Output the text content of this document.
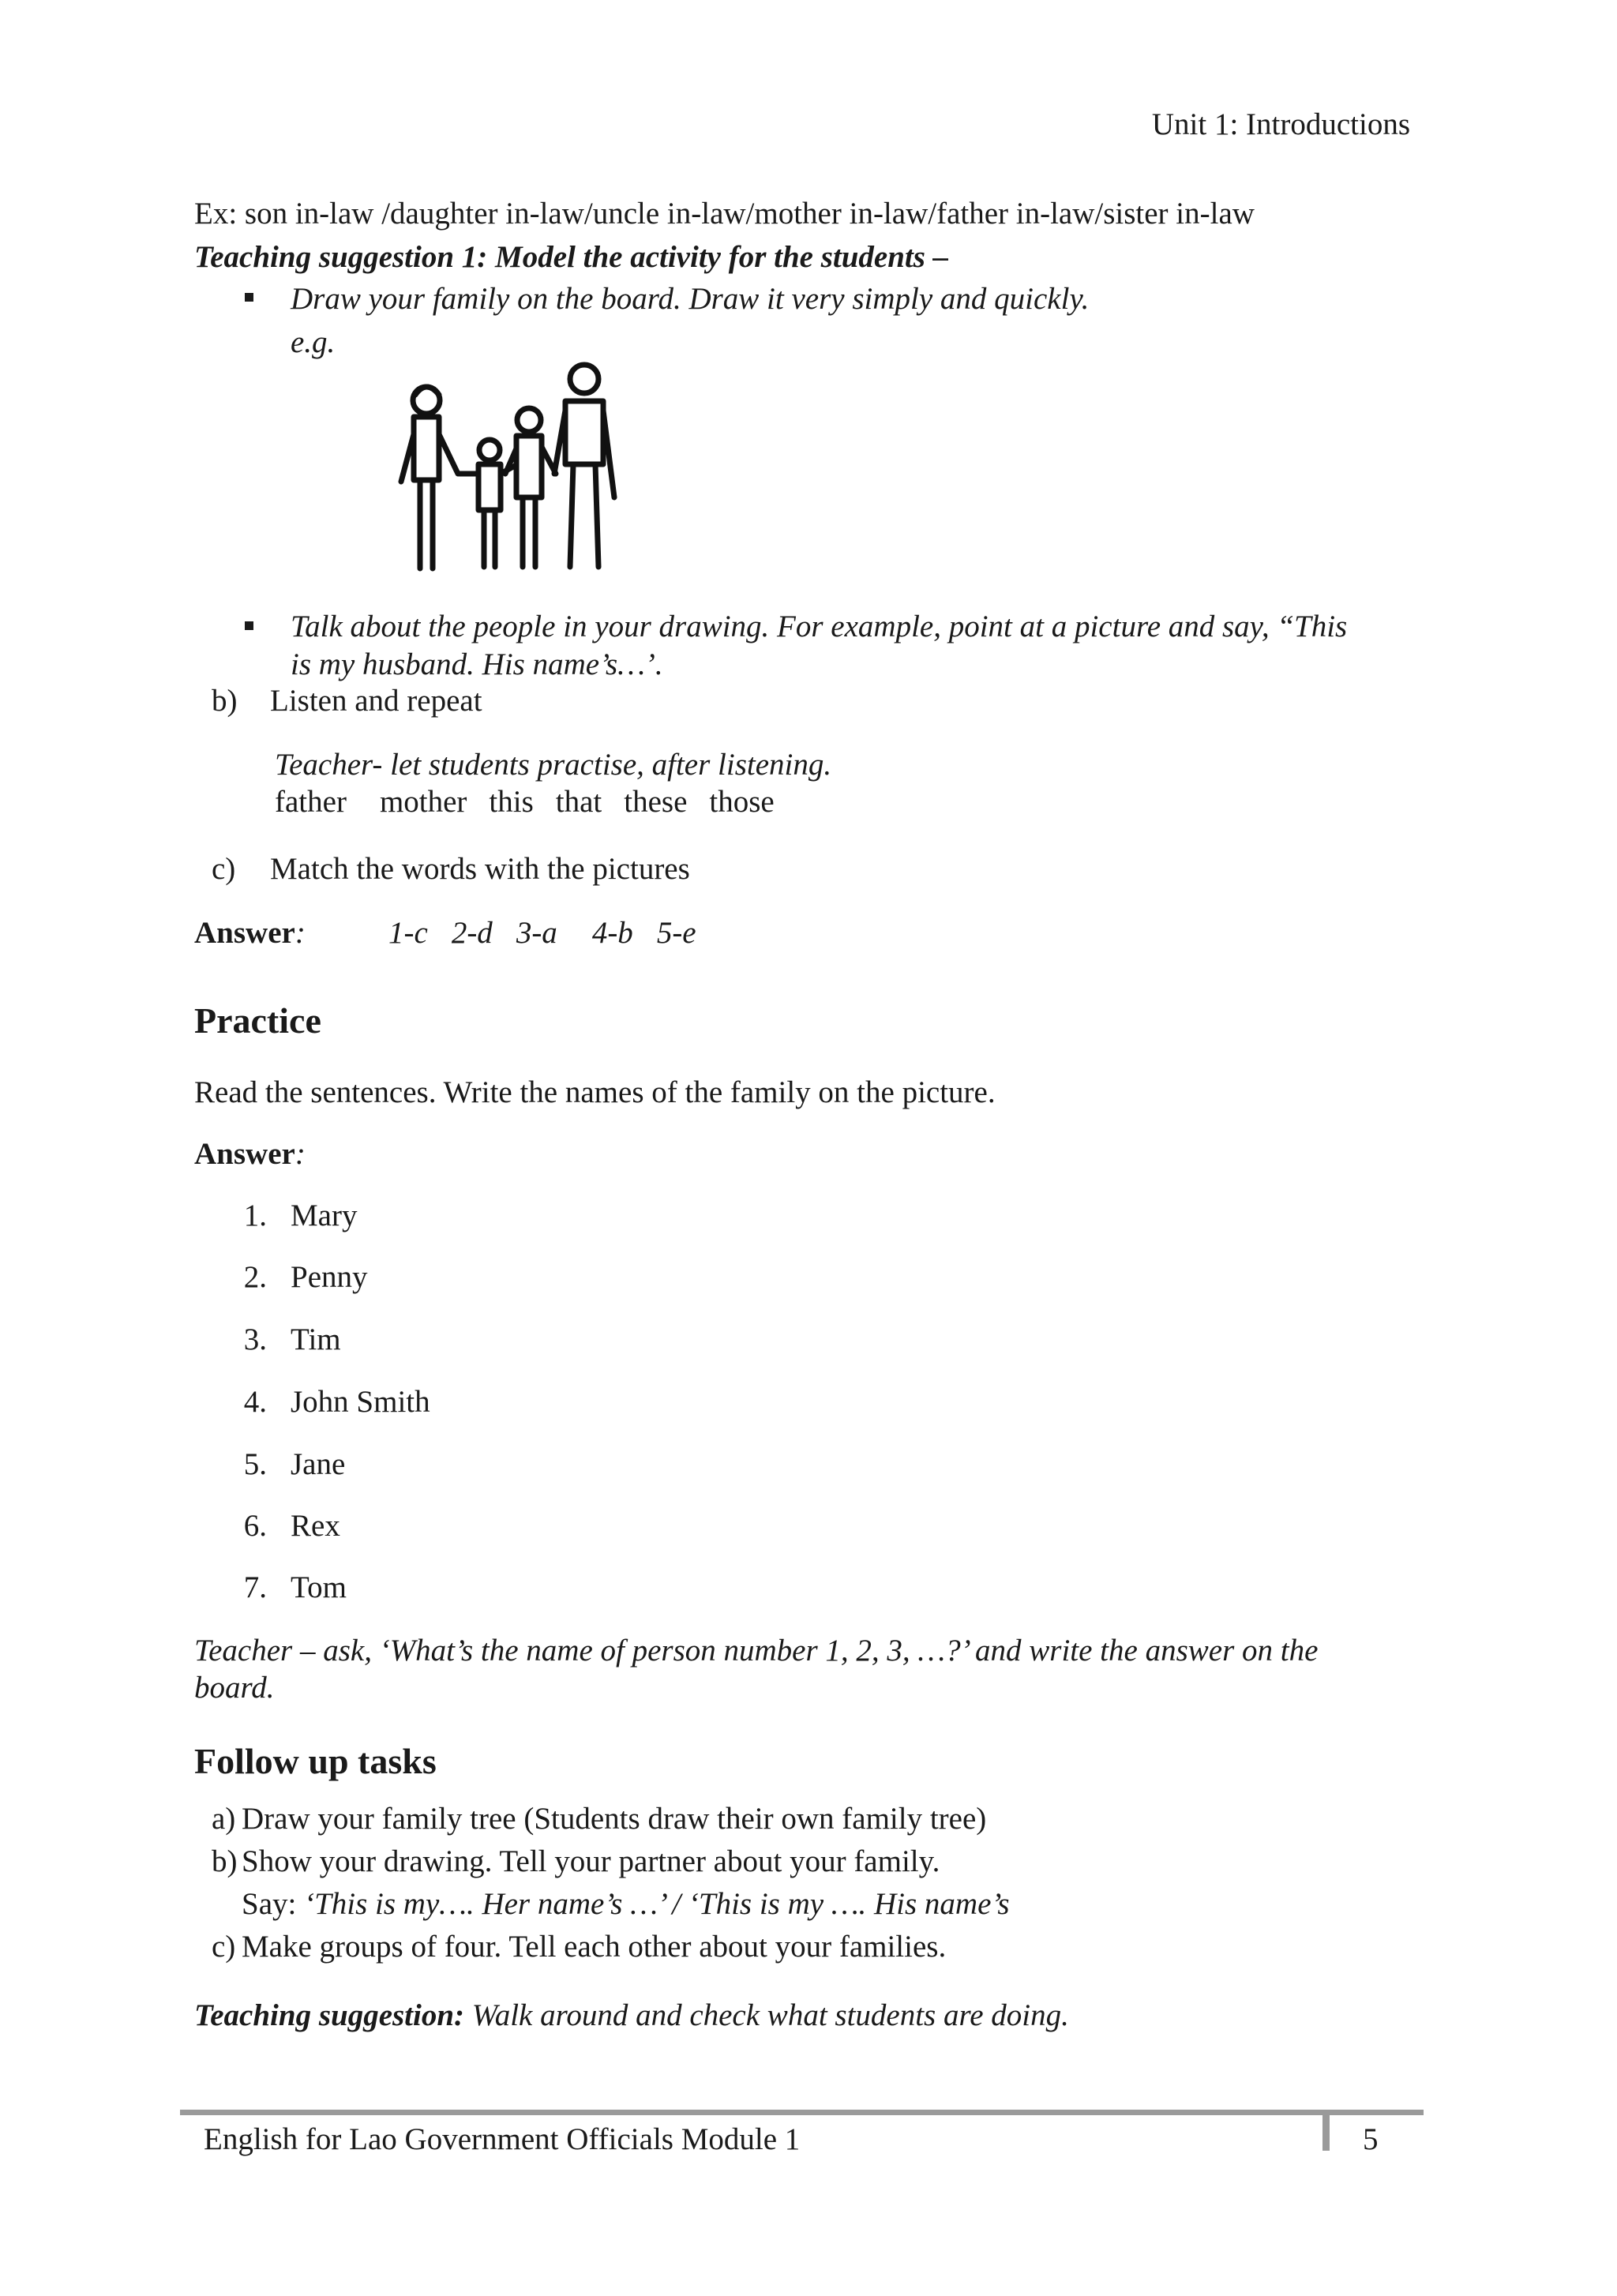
Unit 1: Introductions
Ex: son in-law /daughter in-law/uncle in-law/mother in-law/father in-law/sister in-law
Teaching suggestion 1: Model the activity for the students –
Draw your family on the board. Draw it very simply and quickly.
e.g.
Talk about the people in your drawing. For example, point at a picture and say, “This
is my husband. His name’s…’.
b) Listen and repeat
Teacher- let students practise, after listening.
father mother this that these those
c) Match the words with the pictures
Answer:	1-c 2-d 3-a 4-b 5-e
Practice
Read the sentences. Write the names of the family on the picture.
Answer:
1. Mary
2. Penny
3. Tim
4. John Smith
5. Jane
6. Rex
7. Tom
Teacher – ask, ‘What’s the name of person number 1, 2, 3, …?’ and write the answer on the
board.
Follow up tasks
a) Draw your family tree (Students draw their own family tree)
b) Show your drawing. Tell your partner about your family.
Say: ‘This is my…. Her name’s …’ / ‘This is my …. His name’s
c) Make groups of four. Tell each other about your families.
Teaching suggestion: Walk around and check what students are doing.
English for Lao Government Officials Module 1	5
